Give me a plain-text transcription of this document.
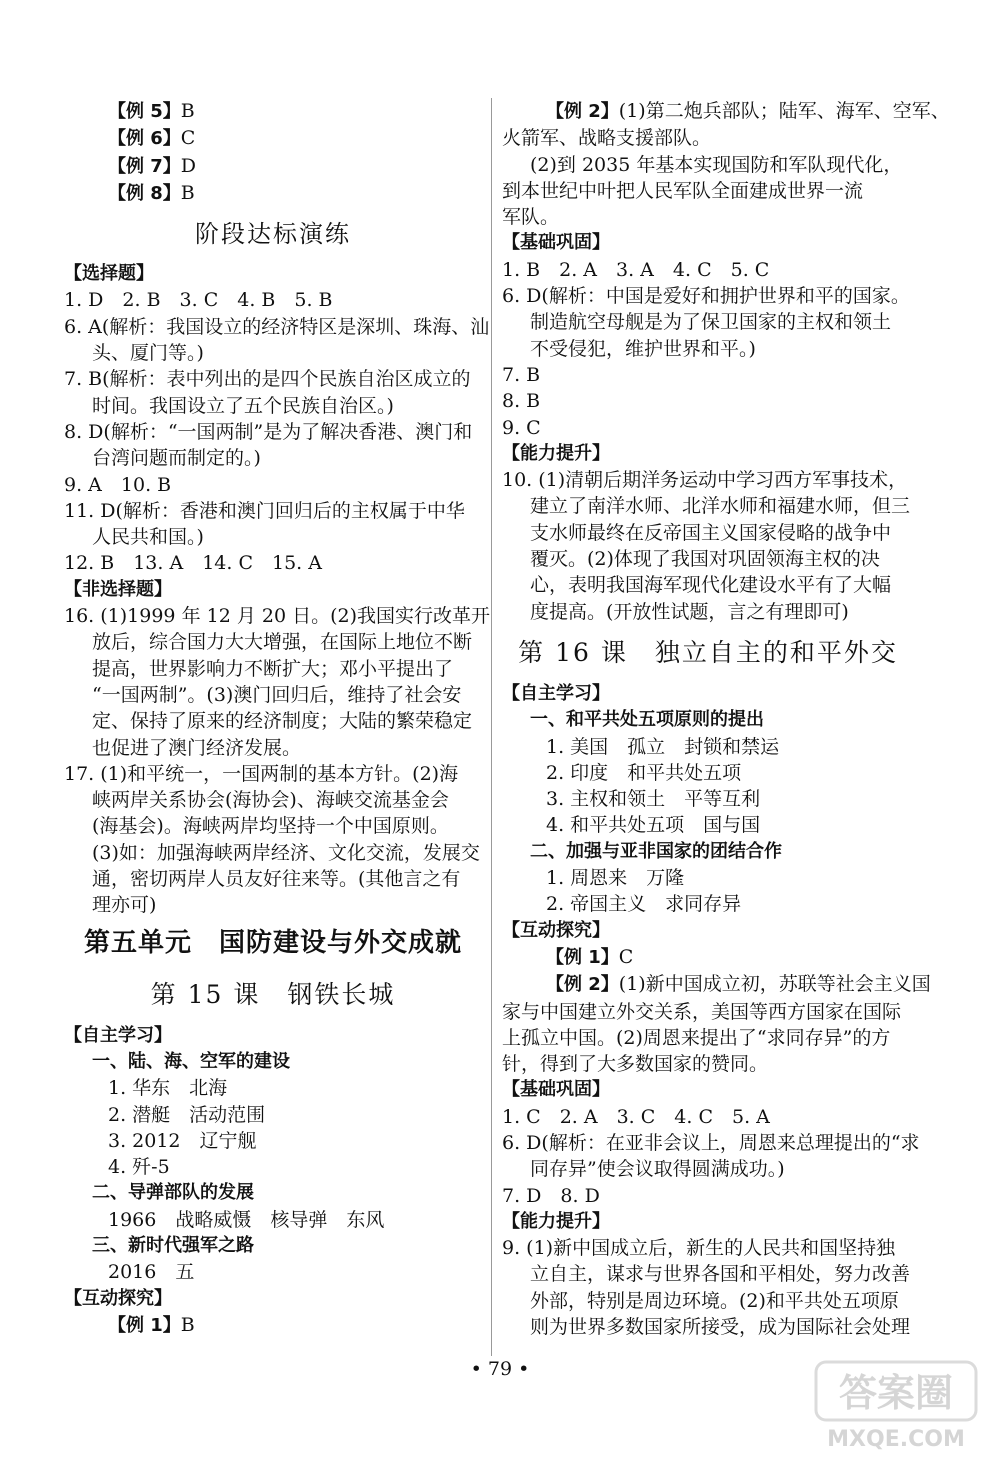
【例 5】B
【例 6】C
【例 7】D
【例 8】B
阶段达标演练
【选择题】
1. D　2. B　3. C　4. B　5. B
6. A(解析：我国设立的经济特区是深圳、珠海、汕
头、厦门等。)
7. B(解析：表中列出的是四个民族自治区成立的
时间。我国设立了五个民族自治区。)
8. D(解析：“一国两制”是为了解决香港、澳门和
台湾问题而制定的。)
9. A　10. B
11. D(解析：香港和澳门回归后的主权属于中华
人民共和国。)
12. B　13. A　14. C　15. A
【非选择题】
16. (1)1999 年 12 月 20 日。(2)我国实行改革开
放后，综合国力大大增强，在国际上地位不断
提高，世界影响力不断扩大；邓小平提出了
“一国两制”。(3)澳门回归后，维持了社会安
定、保持了原来的经济制度；大陆的繁荣稳定
也促进了澳门经济发展。
17. (1)和平统一，一国两制的基本方针。(2)海
峡两岸关系协会(海协会)、海峡交流基金会
(海基会)。海峡两岸均坚持一个中国原则。
(3)如：加强海峡两岸经济、文化交流，发展交
通，密切两岸人员友好往来等。(其他言之有
理亦可)
第五单元　国防建设与外交成就
第 15 课　钢铁长城
【自主学习】
一、陆、海、空军的建设
1. 华东　北海
2. 潜艇　活动范围
3. 2012　辽宁舰
4. 歼-5
二、导弹部队的发展
1966　战略威慑　核导弹　东风
三、新时代强军之路
2016　五
【互动探究】
【例 1】B
【例 2】(1)第二炮兵部队；陆军、海军、空军、
火箭军、战略支援部队。
(2)到 2035 年基本实现国防和军队现代化，
到本世纪中叶把人民军队全面建成世界一流
军队。
【基础巩固】
1. B　2. A　3. A　4. C　5. C
6. D(解析：中国是爱好和拥护世界和平的国家。
制造航空母舰是为了保卫国家的主权和领土
不受侵犯，维护世界和平。)
7. B
8. B
9. C
【能力提升】
10. (1)清朝后期洋务运动中学习西方军事技术，
建立了南洋水师、北洋水师和福建水师，但三
支水师最终在反帝国主义国家侵略的战争中
覆灭。(2)体现了我国对巩固领海主权的决
心，表明我国海军现代化建设水平有了大幅
度提高。(开放性试题，言之有理即可)
第 16 课　独立自主的和平外交
【自主学习】
一、和平共处五项原则的提出
1. 美国　孤立　封锁和禁运
2. 印度　和平共处五项
3. 主权和领土　平等互利
4. 和平共处五项　国与国
二、加强与亚非国家的团结合作
1. 周恩来　万隆
2. 帝国主义　求同存异
【互动探究】
【例 1】C
【例 2】(1)新中国成立初，苏联等社会主义国
家与中国建立外交关系，美国等西方国家在国际
上孤立中国。(2)周恩来提出了“求同存异”的方
针，得到了大多数国家的赞同。
【基础巩固】
1. C　2. A　3. C　4. C　5. A
6. D(解析：在亚非会议上，周恩来总理提出的“求
同存异”使会议取得圆满成功。)
7. D　8. D
【能力提升】
9. (1)新中国成立后，新生的人民共和国坚持独
立自主，谋求与世界各国和平相处，努力改善
外部，特别是周边环境。(2)和平共处五项原
则为世界多数国家所接受，成为国际社会处理
• 79 •
答案圈
MXQE.COM
